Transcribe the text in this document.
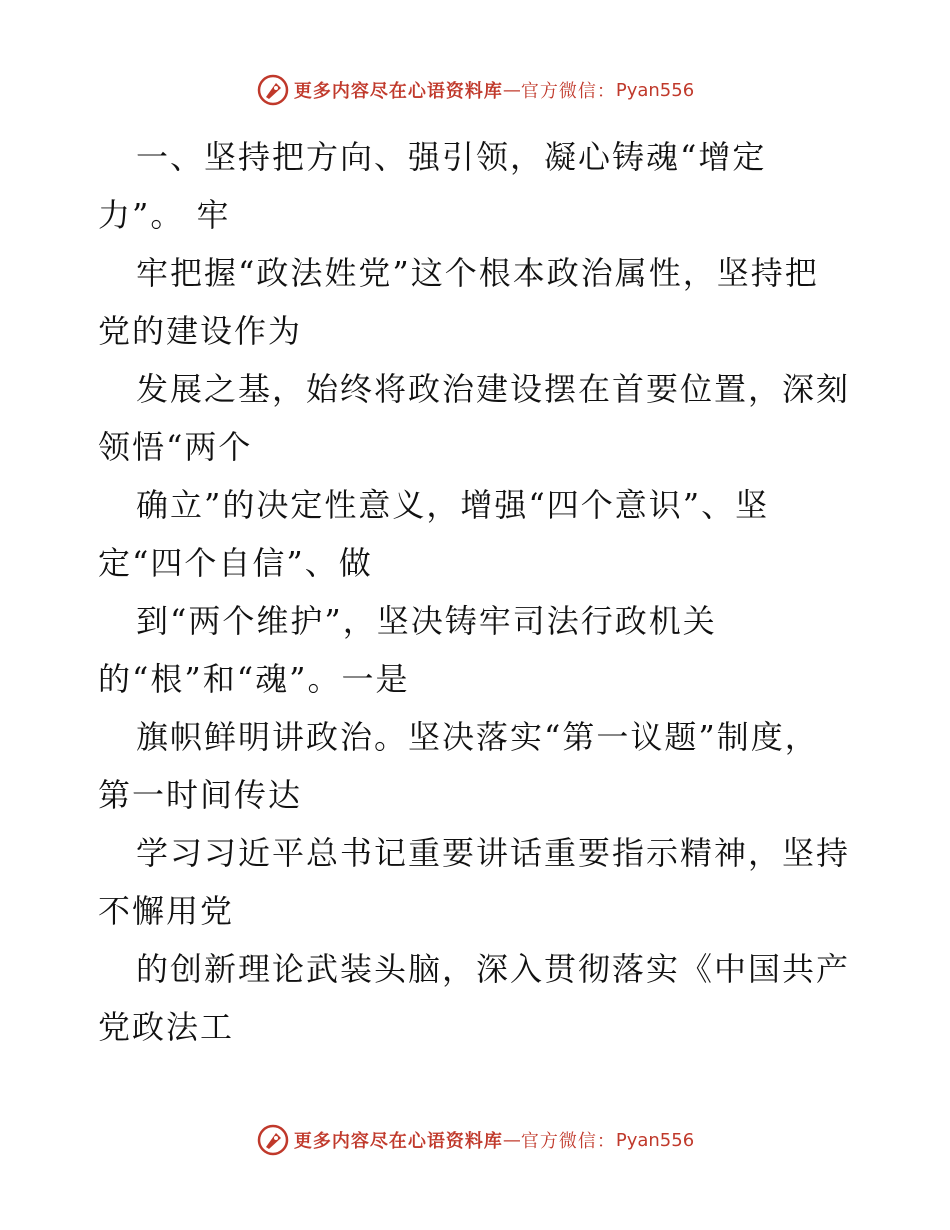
更多内容尽在心语资料库 — 官方微信： Pyan556
一、坚持把方向、强引领，凝心铸魂“增定
力”。 牢
牢把握“政法姓党”这个根本政治属性，坚持把
党的建设作为
发展之基，始终将政治建设摆在首要位置，深刻
领悟“两个
确立”的决定性意义，增强“四个意识”、坚
定“四个自信”、做
到“两个维护”，坚决铸牢司法行政机关
的“根”和“魂”。一是
旗帜鲜明讲政治。坚决落实“第一议题”制度，
第一时间传达
学习习近平总书记重要讲话重要指示精神，坚持
不懈用党
的创新理论武装头脑，深入贯彻落实《中国共产
党政法工
更多内容尽在心语资料库 — 官方微信： Pyan556
